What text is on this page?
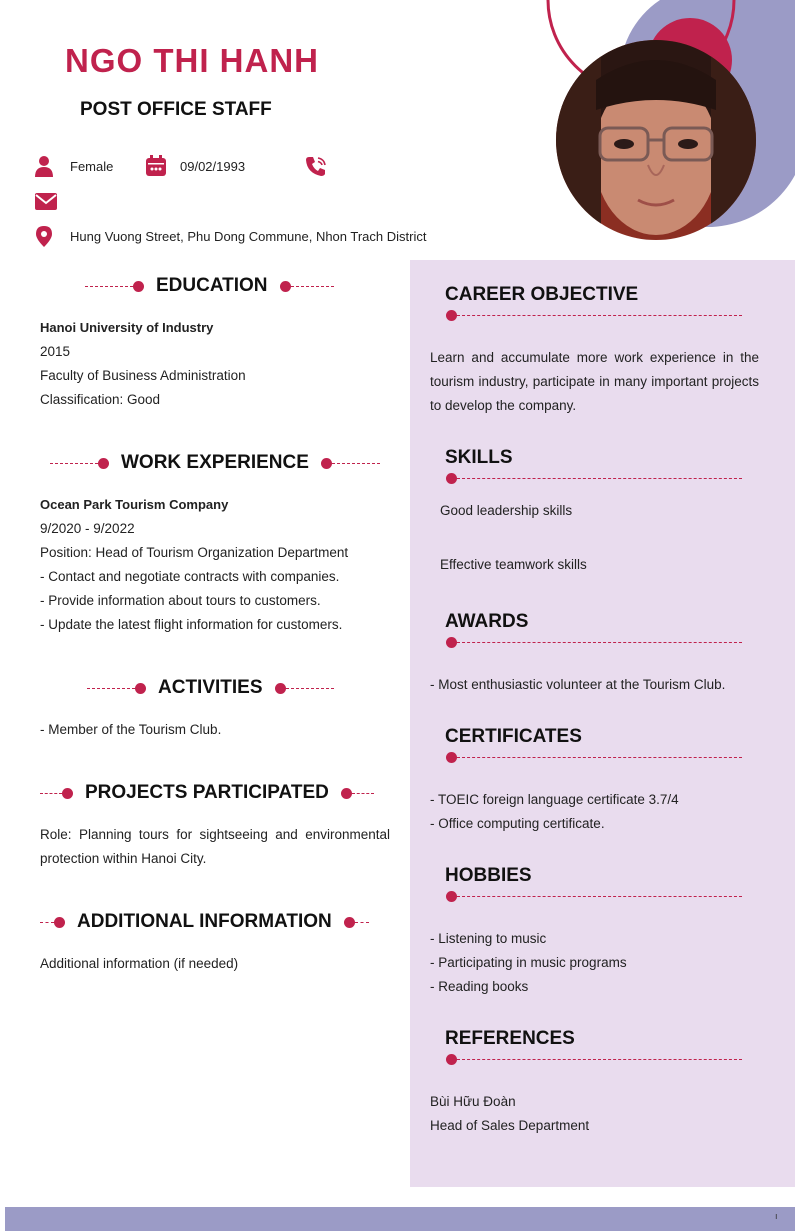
NGO THI HANH
POST OFFICE STAFF
Female	09/02/1993
Hung Vuong Street, Phu Dong Commune, Nhon Trach District
EDUCATION
Hanoi University of Industry
2015
Faculty of Business Administration
Classification: Good
WORK EXPERIENCE
Ocean Park Tourism Company
9/2020 - 9/2022
Position: Head of Tourism Organization Department
- Contact and negotiate contracts with companies.
- Provide information about tours to customers.
- Update the latest flight information for customers.
ACTIVITIES
- Member of the Tourism Club.
PROJECTS PARTICIPATED
Role: Planning tours for sightseeing and environmental protection within Hanoi City.
ADDITIONAL INFORMATION
Additional information (if needed)
CAREER OBJECTIVE
Learn and accumulate more work experience in the tourism industry, participate in many important projects to develop the company.
SKILLS
Good leadership skills
Effective teamwork skills
AWARDS
- Most enthusiastic volunteer at the Tourism Club.
CERTIFICATES
- TOEIC foreign language certificate 3.7/4
- Office computing certificate.
HOBBIES
- Listening to music
- Participating in music programs
- Reading books
REFERENCES
Bùi Hữu Đoàn
Head of Sales Department
ı
